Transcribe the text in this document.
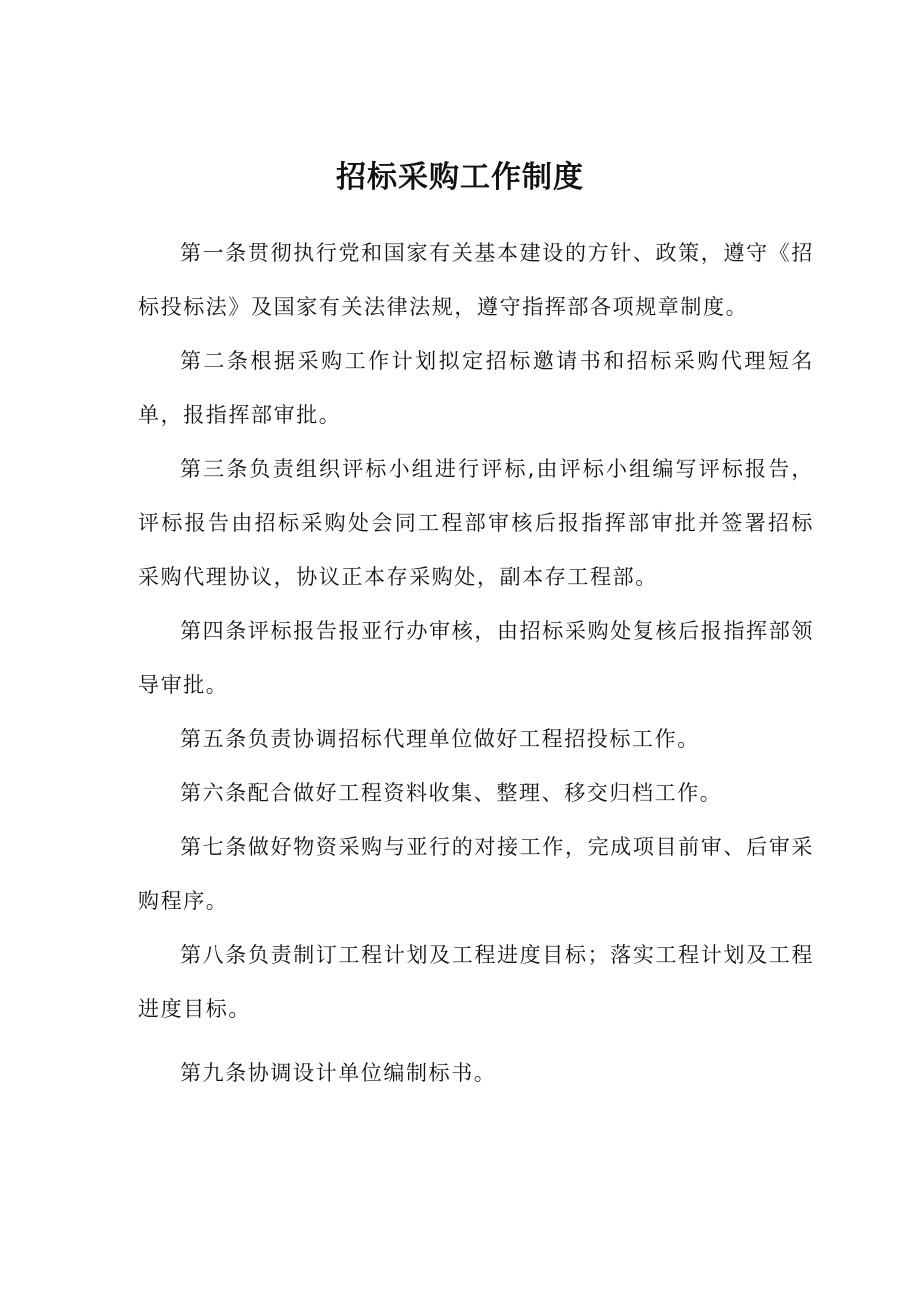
招标采购工作制度

第一条贯彻执行党和国家有关基本建设的方针、政策，遵守《招标投标法》及国家有关法律法规，遵守指挥部各项规章制度。

第二条根据采购工作计划拟定招标邀请书和招标采购代理短名单，报指挥部审批。

第三条负责组织评标小组进行评标,由评标小组编写评标报告，评标报告由招标采购处会同工程部审核后报指挥部审批并签署招标采购代理协议，协议正本存采购处，副本存工程部。

第四条评标报告报亚行办审核，由招标采购处复核后报指挥部领导审批。

第五条负责协调招标代理单位做好工程招投标工作。

第六条配合做好工程资料收集、整理、移交归档工作。

第七条做好物资采购与亚行的对接工作，完成项目前审、后审采购程序。

第八条负责制订工程计划及工程进度目标；落实工程计划及工程进度目标。

第九条协调设计单位编制标书。
